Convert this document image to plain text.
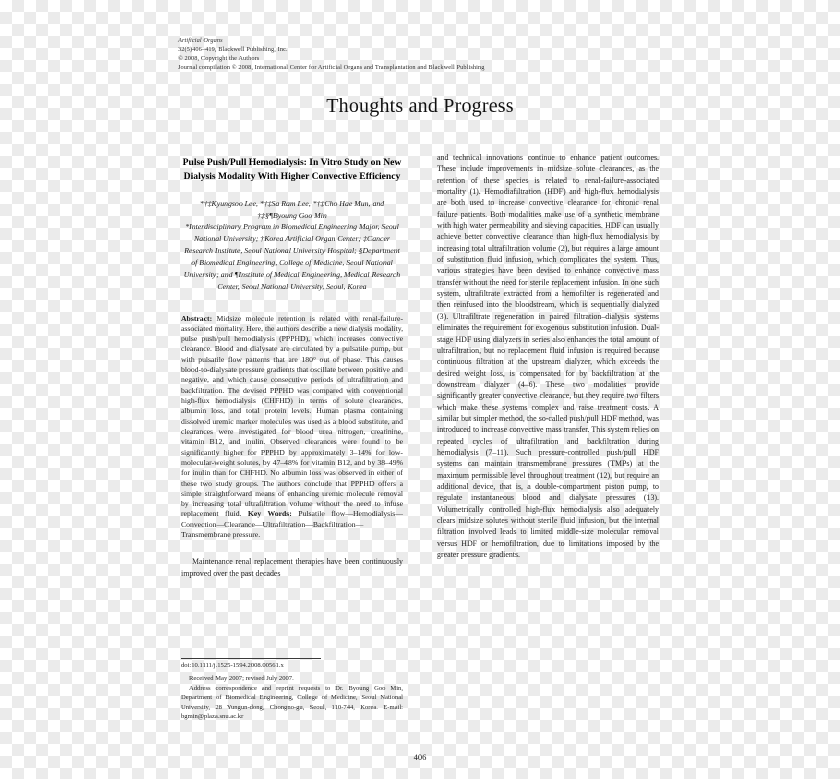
Artificial Organs
32(5)406–419, Blackwell Publishing, Inc.
© 2008, Copyright the Authors
Journal compilation © 2008, International Center for Artificial Organs and Transplantation and Blackwell Publishing
Thoughts and Progress
Pulse Push/Pull Hemodialysis: In Vitro Study on New Dialysis Modality With Higher Convective Efficiency
*†‡Kyungsoo Lee, *†‡Sa Ram Lee, *†‡Cho Hae Mun, and †‡§¶Byoung Goo Min
*Interdisciplinary Program in Biomedical Engineering Major, Seoul National University; †Korea Artificial Organ Center; ‡Cancer Research Institute, Seoul National University Hospital; §Department of Biomedical Engineering, College of Medicine, Seoul National University; and ¶Institute of Medical Engineering, Medical Research Center, Seoul National University, Seoul, Korea
Abstract: Midsize molecule retention is related with renal-failure-associated mortality. Here, the authors describe a new dialysis modality, pulse push/pull hemodialysis (PPPHD), which increases convective clearance. Blood and dialysate are circulated by a pulsatile pump, but with pulsatile flow patterns that are 180° out of phase. This causes blood-to-dialysate pressure gradients that oscillate between positive and negative, and which cause consecutive periods of ultrafiltration and backfiltration. The devised PPPHD was compared with conventional high-flux hemodialysis (CHFHD) in terms of solute clearances, albumin loss, and total protein levels. Human plasma containing dissolved uremic marker molecules was used as a blood substitute, and clearances were investigated for blood urea nitrogen, creatinine, vitamin B12, and inulin. Observed clearances were found to be significantly higher for PPPHD by approximately 3–14% for low-molecular-weight solutes, by 47–48% for vitamin B12, and by 38–49% for inulin than for CHFHD. No albumin loss was observed in either of these two study groups. The authors conclude that PPPHD offers a simple straightforward means of enhancing uremic molecule removal by increasing total ultrafiltration volume without the need to infuse replacement fluid. Key Words: Pulsatile flow—Hemodialysis—Convection—Clearance—Ultrafiltration—Backfiltration—Transmembrane pressure.
Maintenance renal replacement therapies have been continuously improved over the past decades
and technical innovations continue to enhance patient outcomes. These include improvements in midsize solute clearances, as the retention of these species is related to renal-failure-associated mortality (1). Hemodiafiltration (HDF) and high-flux hemodialysis are both used to increase convective clearance for chronic renal failure patients. Both modalities make use of a synthetic membrane with high water permeability and sieving capacities. HDF can usually achieve better convective clearance than high-flux hemodialysis by increasing total ultrafiltration volume (2), but requires a large amount of substitution fluid infusion, which complicates the system. Thus, various strategies have been devised to enhance convective mass transfer without the need for sterile replacement infusion. In one such system, ultrafiltrate extracted from a hemofilter is regenerated and then reinfused into the bloodstream, which is sequentially dialyzed (3). Ultrafiltrate regeneration in paired filtration–dialysis systems eliminates the requirement for exogenous substitution infusion. Dual-stage HDF using dialyzers in series also enhances the total amount of ultrafiltration, but no replacement fluid infusion is required because continuous filtration at the upstream dialyzer, which exceeds the desired weight loss, is compensated for by backfiltration at the downstream dialyzer (4–6). These two modalities provide significantly greater convective clearance, but they require two filters which make these systems complex and raise treatment costs. A similar but simpler method, the so-called push/pull HDF method, was introduced to increase convective mass transfer. This system relies on repeated cycles of ultrafiltration and backfiltration during hemodialysis (7–11). Such pressure-controlled push/pull HDF systems can maintain transmembrane pressures (TMPs) at the maximum permissible level throughout treatment (12), but require an additional device, that is, a double-compartment piston pump, to regulate instantaneous blood and dialysate pressures (13). Volumetrically controlled high-flux hemodialysis also adequately clears midsize solutes without sterile fluid infusion, but the internal filtration involved leads to limited middle-size molecular removal versus HDF or hemofiltration, due to limitations imposed by the greater pressure gradients.
doi:10.1111/j.1525-1594.2008.00561.x
Received May 2007; revised July 2007.
Address correspondence and reprint requests to Dr. Byoung Goo Min, Department of Biomedical Engineering, College of Medicine, Seoul National University, 28 Yungun-dong, Chongno-gu, Seoul, 110-744, Korea. E-mail: bgmin@plaza.snu.ac.kr
406
